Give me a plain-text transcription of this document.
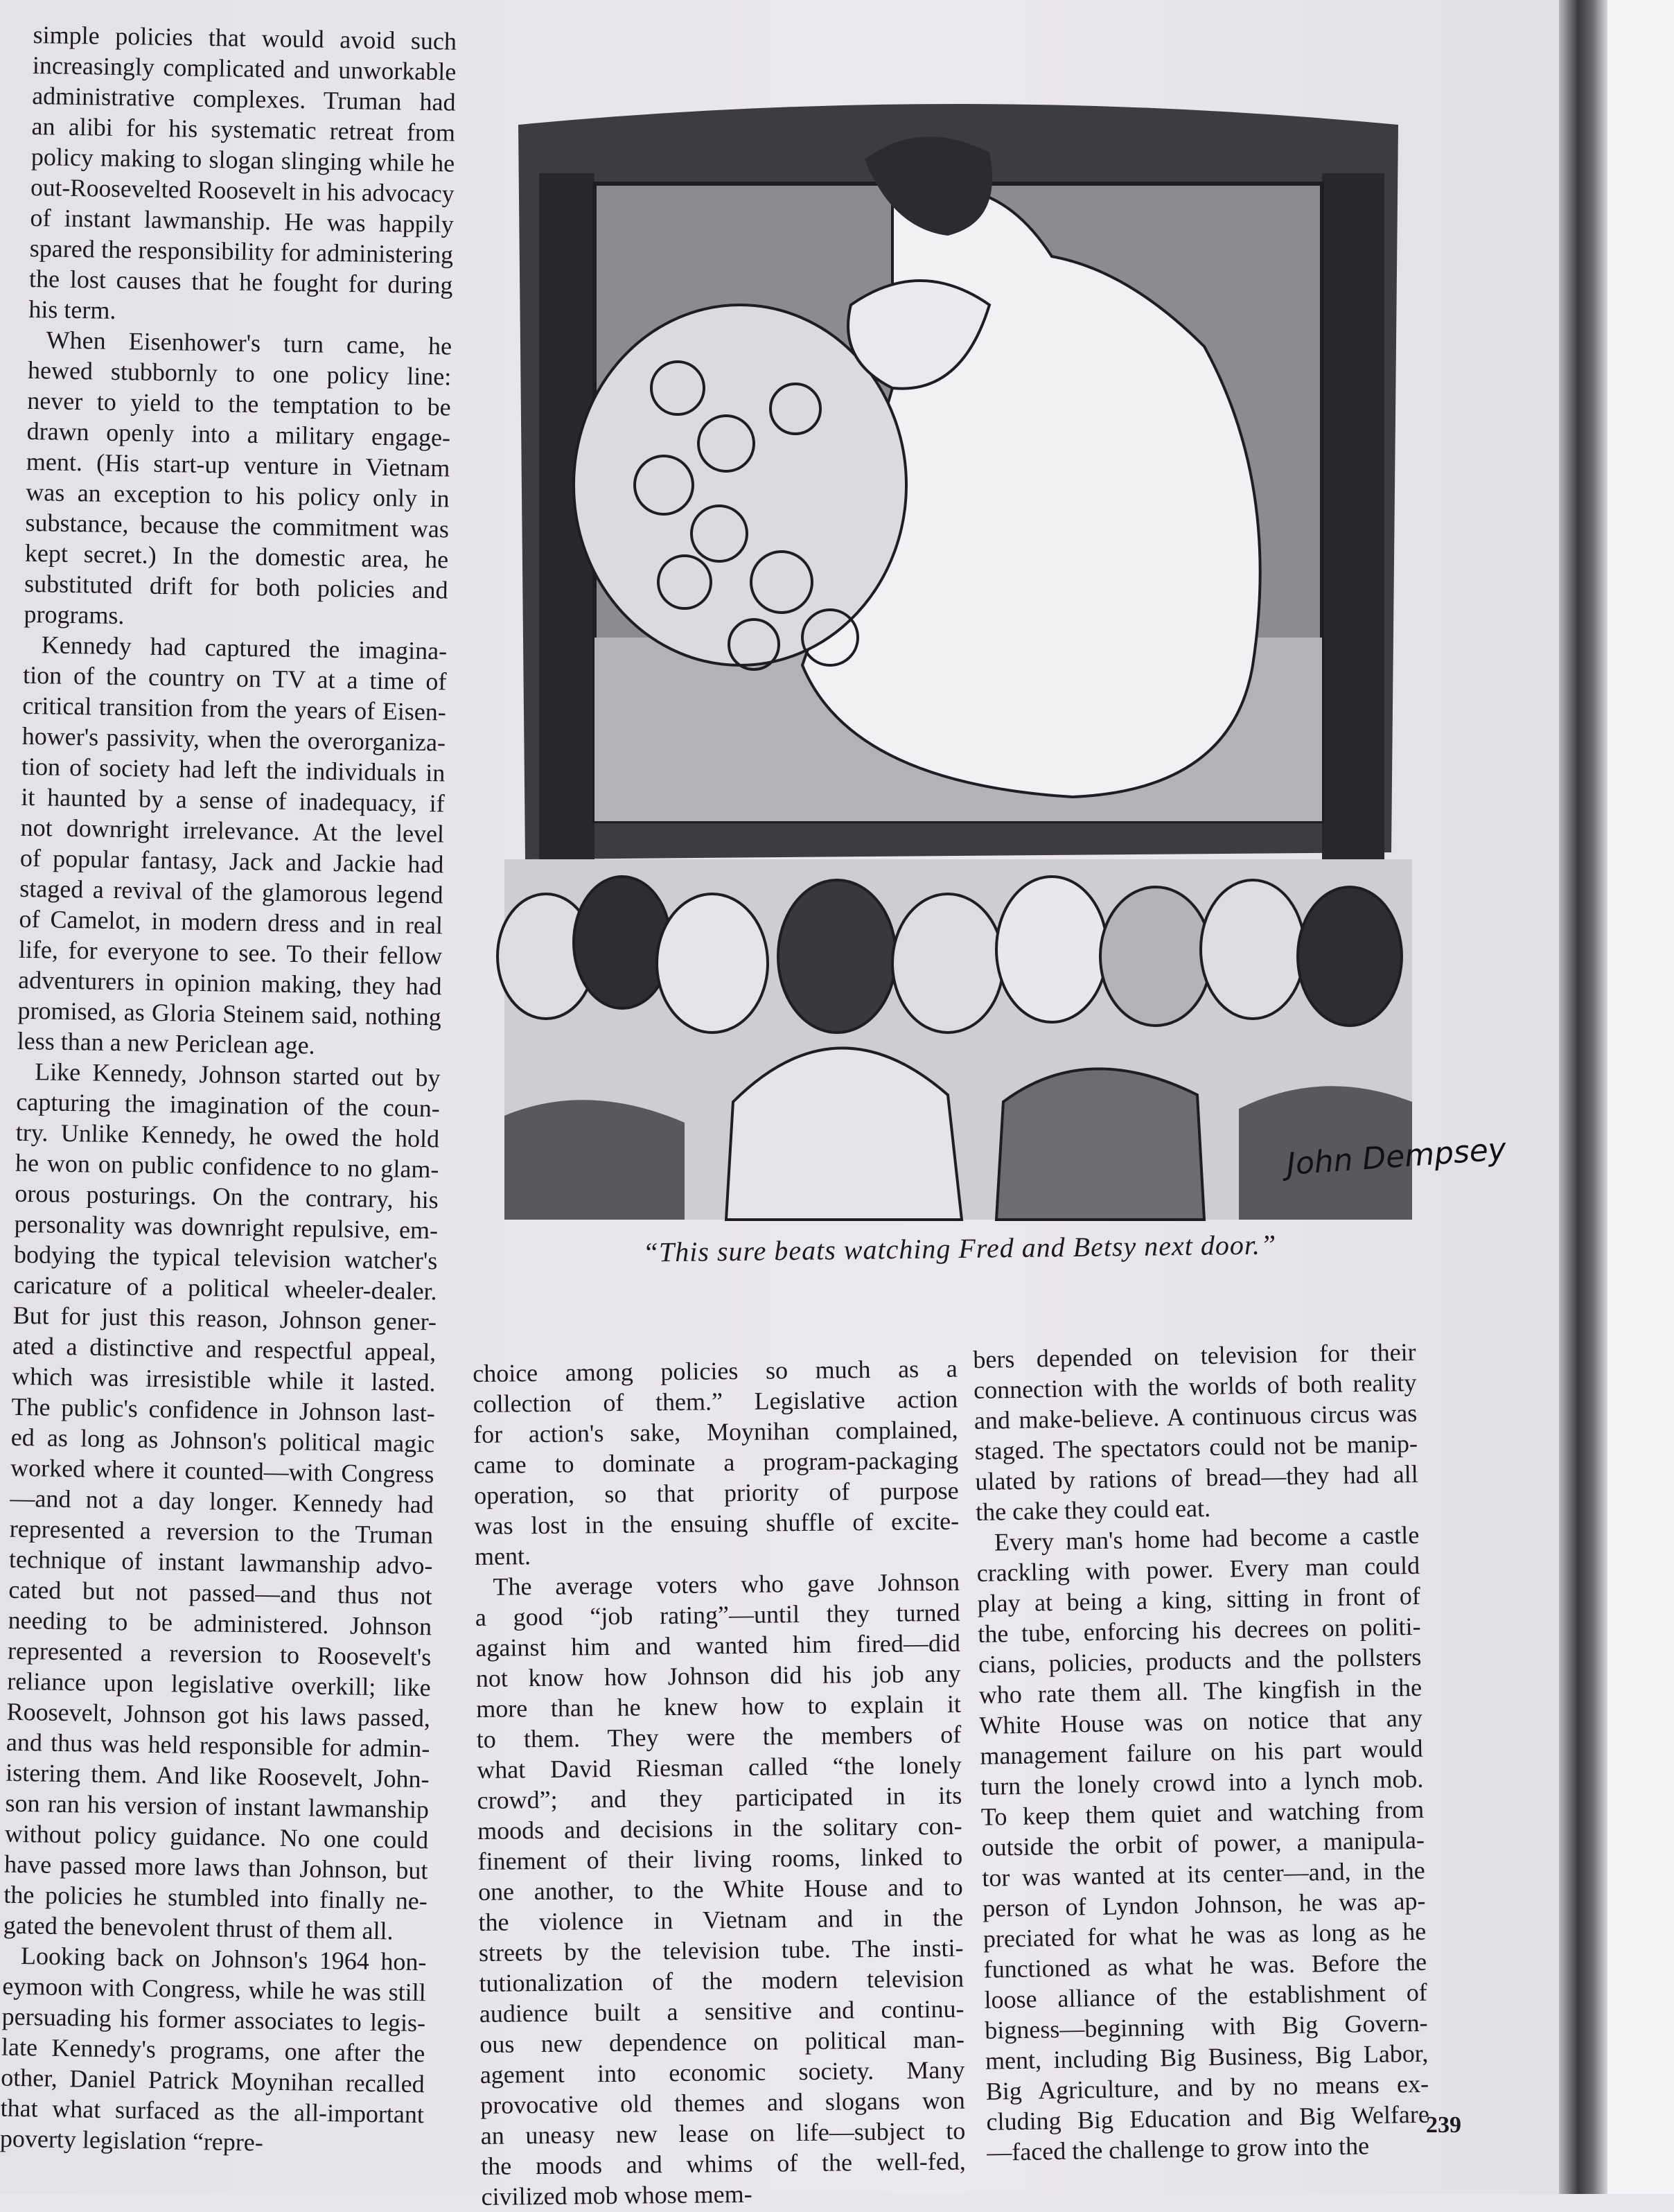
simple policies that would avoid such
increasingly complicated and unworkable
administrative complexes. Truman had
an alibi for his systematic retreat from
policy making to slogan slinging while he
out-Roosevelted Roosevelt in his advocacy
of instant lawmanship. He was happily
spared the responsibility for administering
the lost causes that he fought for during
his term.
When Eisenhower's turn came, he
hewed stubbornly to one policy line:
never to yield to the temptation to be
drawn openly into a military engage-
ment. (His start-up venture in Vietnam
was an exception to his policy only in
substance, because the commitment was
kept secret.) In the domestic area, he
substituted drift for both policies and
programs.
Kennedy had captured the imagina-
tion of the country on TV at a time of
critical transition from the years of Eisen-
hower's passivity, when the overorganiza-
tion of society had left the individuals in
it haunted by a sense of inadequacy, if
not downright irrelevance. At the level
of popular fantasy, Jack and Jackie had
staged a revival of the glamorous legend
of Camelot, in modern dress and in real
life, for everyone to see. To their fellow
adventurers in opinion making, they had
promised, as Gloria Steinem said, nothing
less than a new Periclean age.
Like Kennedy, Johnson started out by
capturing the imagination of the coun-
try. Unlike Kennedy, he owed the hold
he won on public confidence to no glam-
orous posturings. On the contrary, his
personality was downright repulsive, em-
bodying the typical television watcher's
caricature of a political wheeler-dealer.
But for just this reason, Johnson gener-
ated a distinctive and respectful appeal,
which was irresistible while it lasted.
The public's confidence in Johnson last-
ed as long as Johnson's political magic
worked where it counted—with Congress
—and not a day longer. Kennedy had
represented a reversion to the Truman
technique of instant lawmanship advo-
cated but not passed—and thus not
needing to be administered. Johnson
represented a reversion to Roosevelt's
reliance upon legislative overkill; like
Roosevelt, Johnson got his laws passed,
and thus was held responsible for admin-
istering them. And like Roosevelt, John-
son ran his version of instant lawmanship
without policy guidance. No one could
have passed more laws than Johnson, but
the policies he stumbled into finally ne-
gated the benevolent thrust of them all.
Looking back on Johnson's 1964 hon-
eymoon with Congress, while he was still
persuading his former associates to legis-
late Kennedy's programs, one after the
other, Daniel Patrick Moynihan recalled
that what surfaced as the all-important
poverty legislation “repre-
John Dempsey
“This sure beats watching Fred and Betsy next door.”
choice among policies so much as a
collection of them.” Legislative action
for action's sake, Moynihan complained,
came to dominate a program-packaging
operation, so that priority of purpose
was lost in the ensuing shuffle of excite-
ment.
The average voters who gave Johnson
a good “job rating”—until they turned
against him and wanted him fired—did
not know how Johnson did his job any
more than he knew how to explain it
to them. They were the members of
what David Riesman called “the lonely
crowd”; and they participated in its
moods and decisions in the solitary con-
finement of their living rooms, linked to
one another, to the White House and to
the violence in Vietnam and in the
streets by the television tube. The insti-
tutionalization of the modern television
audience built a sensitive and continu-
ous new dependence on political man-
agement into economic society. Many
provocative old themes and slogans won
an uneasy new lease on life—subject to
the moods and whims of the well-fed,
civilized mob whose mem-
bers depended on television for their
connection with the worlds of both reality
and make-believe. A continuous circus was
staged. The spectators could not be manip-
ulated by rations of bread—they had all
the cake they could eat.
Every man's home had become a castle
crackling with power. Every man could
play at being a king, sitting in front of
the tube, enforcing his decrees on politi-
cians, policies, products and the pollsters
who rate them all. The kingfish in the
White House was on notice that any
management failure on his part would
turn the lonely crowd into a lynch mob.
To keep them quiet and watching from
outside the orbit of power, a manipula-
tor was wanted at its center—and, in the
person of Lyndon Johnson, he was ap-
preciated for what he was as long as he
functioned as what he was. Before the
loose alliance of the establishment of
bigness—beginning with Big Govern-
ment, including Big Business, Big Labor,
Big Agriculture, and by no means ex-
cluding Big Education and Big Welfare
—faced the challenge to grow into the
239
